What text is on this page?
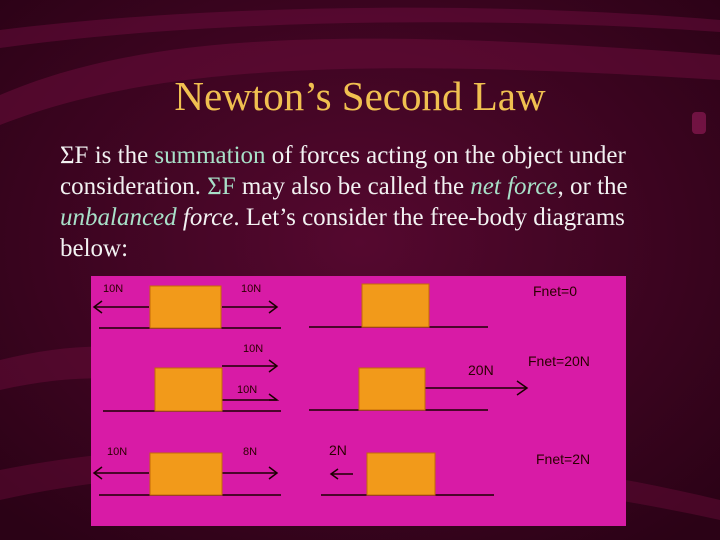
Newton’s Second Law
ΣF is the summation of forces acting on the object under consideration. ΣF may also be called the net force, or the unbalanced force. Let’s consider the free-body diagrams below:
10N	10N	Fnet=0
10N
10N
20N
Fnet=20N
10N	8N	2N
Fnet=2N
